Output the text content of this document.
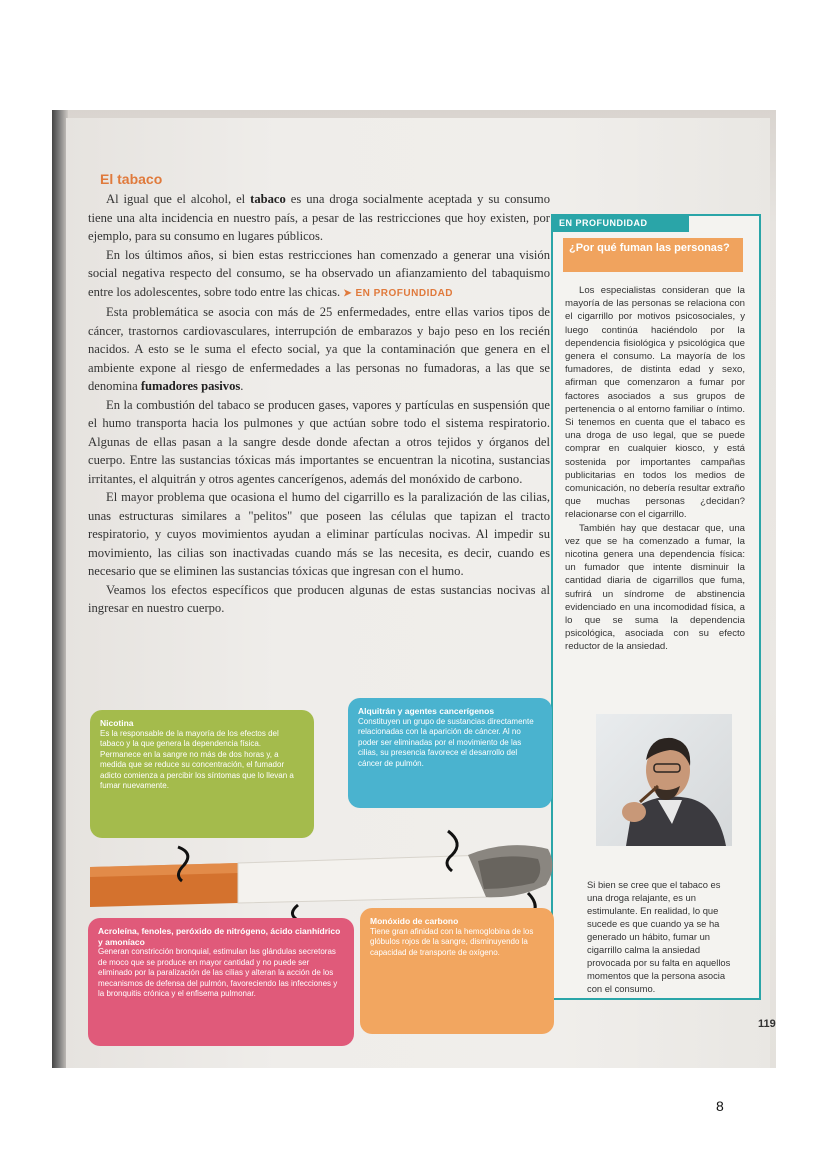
El tabaco

Al igual que el alcohol, el tabaco es una droga socialmente aceptada y su consumo tiene una alta incidencia en nuestro país, a pesar de las restricciones que hoy existen, por ejemplo, para su consumo en lugares públicos.

En los últimos años, si bien estas restricciones han comenzado a generar una visión social negativa respecto del consumo, se ha observado un afianzamiento del tabaquismo entre los adolescentes, sobre todo entre las chicas. ➤ EN PROFUNDIDAD

Esta problemática se asocia con más de 25 enfermedades, entre ellas varios tipos de cáncer, trastornos cardiovasculares, interrupción de embarazos y bajo peso en los recién nacidos. A esto se le suma el efecto social, ya que la contaminación que genera en el ambiente expone al riesgo de enfermedades a las personas no fumadoras, a las que se denomina fumadores pasivos.

En la combustión del tabaco se producen gases, vapores y partículas en suspensión que el humo transporta hacia los pulmones y que actúan sobre todo el sistema respiratorio. Algunas de ellas pasan a la sangre desde donde afectan a otros tejidos y órganos del cuerpo. Entre las sustancias tóxicas más importantes se encuentran la nicotina, sustancias irritantes, el alquitrán y otros agentes cancerígenos, además del monóxido de carbono.

El mayor problema que ocasiona el humo del cigarrillo es la paralización de las cilias, unas estructuras similares a "pelitos" que poseen las células que tapizan el tracto respiratorio, y cuyos movimientos ayudan a eliminar partículas nocivas. Al impedir su movimiento, las cilias son inactivadas cuando más se las necesita, es decir, cuando es necesario que se eliminen las sustancias tóxicas que ingresan con el humo.

Veamos los efectos específicos que producen algunas de estas sustancias nocivas al ingresar en nuestro cuerpo.

EN PROFUNDIDAD
¿Por qué fuman las personas?

Los especialistas consideran que la mayoría de las personas se relaciona con el cigarrillo por motivos psicosociales, y luego continúa haciéndolo por la dependencia fisiológica y psicológica que genera el consumo. La mayoría de los fumadores, de distinta edad y sexo, afirman que comenzaron a fumar por factores asociados a sus grupos de pertenencia o al entorno familiar o íntimo. Si tenemos en cuenta que el tabaco es una droga de uso legal, que se puede comprar en cualquier kiosco, y está sostenida por importantes campañas publicitarias en todos los medios de comunicación, no debería resultar extraño que muchas personas ¿decidan? relacionarse con el cigarrillo.

También hay que destacar que, una vez que se ha comenzado a fumar, la nicotina genera una dependencia física: un fumador que intente disminuir la cantidad diaria de cigarrillos que fuma, sufrirá un síndrome de abstinencia evidenciado en una incomodidad física, a lo que se suma la dependencia psicológica, asociada con su efecto reductor de la ansiedad.

Si bien se cree que el tabaco es una droga relajante, es un estimulante. En realidad, lo que sucede es que cuando ya se ha generado un hábito, fumar un cigarrillo calma la ansiedad provocada por su falta en aquellos momentos que la persona asocia con el consumo.
Nicotina
Es la responsable de la mayoría de los efectos del tabaco y la que genera la dependencia física. Permanece en la sangre no más de dos horas y, a medida que se reduce su concentración, el fumador adicto comienza a percibir los síntomas que lo llevan a fumar nuevamente.
Alquitrán y agentes cancerígenos
Constituyen un grupo de sustancias directamente relacionadas con la aparición de cáncer. Al no poder ser eliminadas por el movimiento de las cilias, su presencia favorece el desarrollo del cáncer de pulmón.
Acroleína, fenoles, peróxido de nitrógeno, ácido cianhídrico y amoníaco
Generan constricción bronquial, estimulan las glándulas secretoras de moco que se produce en mayor cantidad y no puede ser eliminado por la paralización de las cilias y alteran la acción de los mecanismos de defensa del pulmón, favoreciendo las infecciones y la bronquitis crónica y el enfisema pulmonar.
Monóxido de carbono
Tiene gran afinidad con la hemoglobina de los glóbulos rojos de la sangre, disminuyendo la capacidad de transporte de oxígeno.
119
8
